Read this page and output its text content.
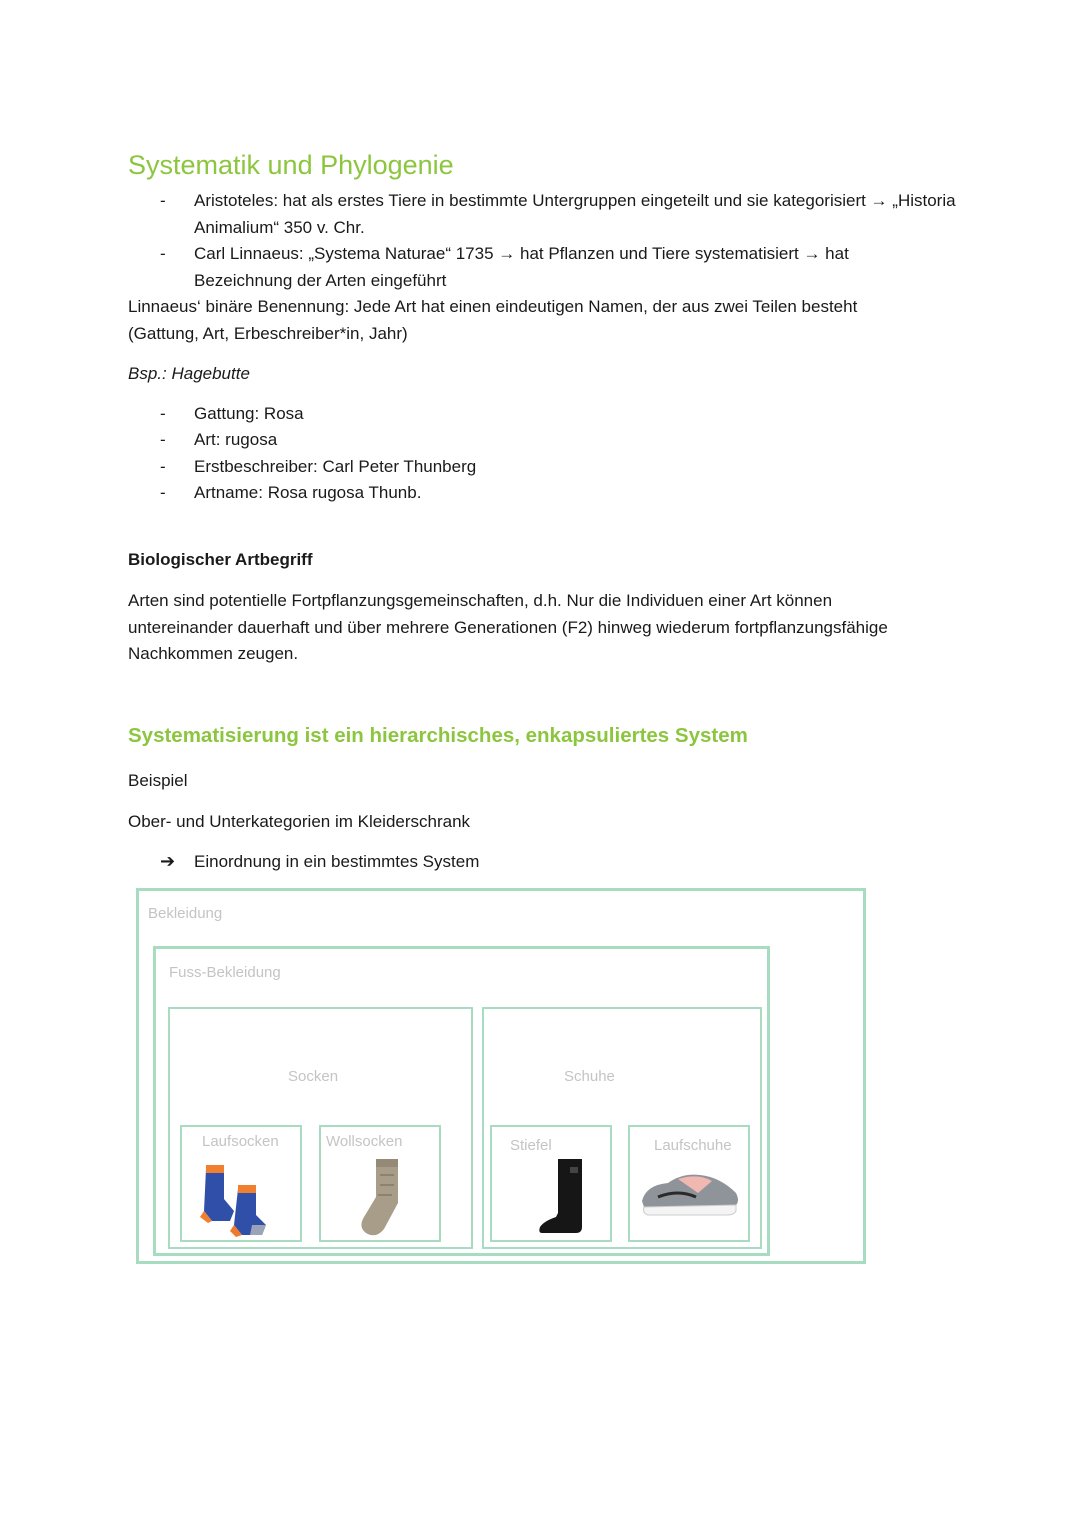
Systematik und Phylogenie
- Aristoteles: hat als erstes Tiere in bestimmte Untergruppen eingeteilt und sie kategorisiert → „Historia Animalium“ 350 v. Chr.
- Carl Linnaeus: „Systema Naturae“ 1735 → hat Pflanzen und Tiere systematisiert → hat Bezeichnung der Arten eingeführt
Linnaeus‘ binäre Benennung: Jede Art hat einen eindeutigen Namen, der aus zwei Teilen besteht (Gattung, Art, Erbeschreiber*in, Jahr)
Bsp.: Hagebutte
- Gattung: Rosa
- Art: rugosa
- Erstbeschreiber: Carl Peter Thunberg
- Artname: Rosa rugosa Thunb.
Biologischer Artbegriff
Arten sind potentielle Fortpflanzungsgemeinschaften, d.h. Nur die Individuen einer Art können untereinander dauerhaft und über mehrere Generationen (F2) hinweg wiederum fortpflanzungsfähige Nachkommen zeugen.
Systematisierung ist ein hierarchisches, enkapsuliertes System
Beispiel
Ober- und Unterkategorien im Kleiderschrank
➔ Einordnung in ein bestimmtes System
Bekleidung
Fuss-Bekleidung
Socken
Laufsocken	Wollsocken
Schuhe
Stiefel	Laufschuhe
